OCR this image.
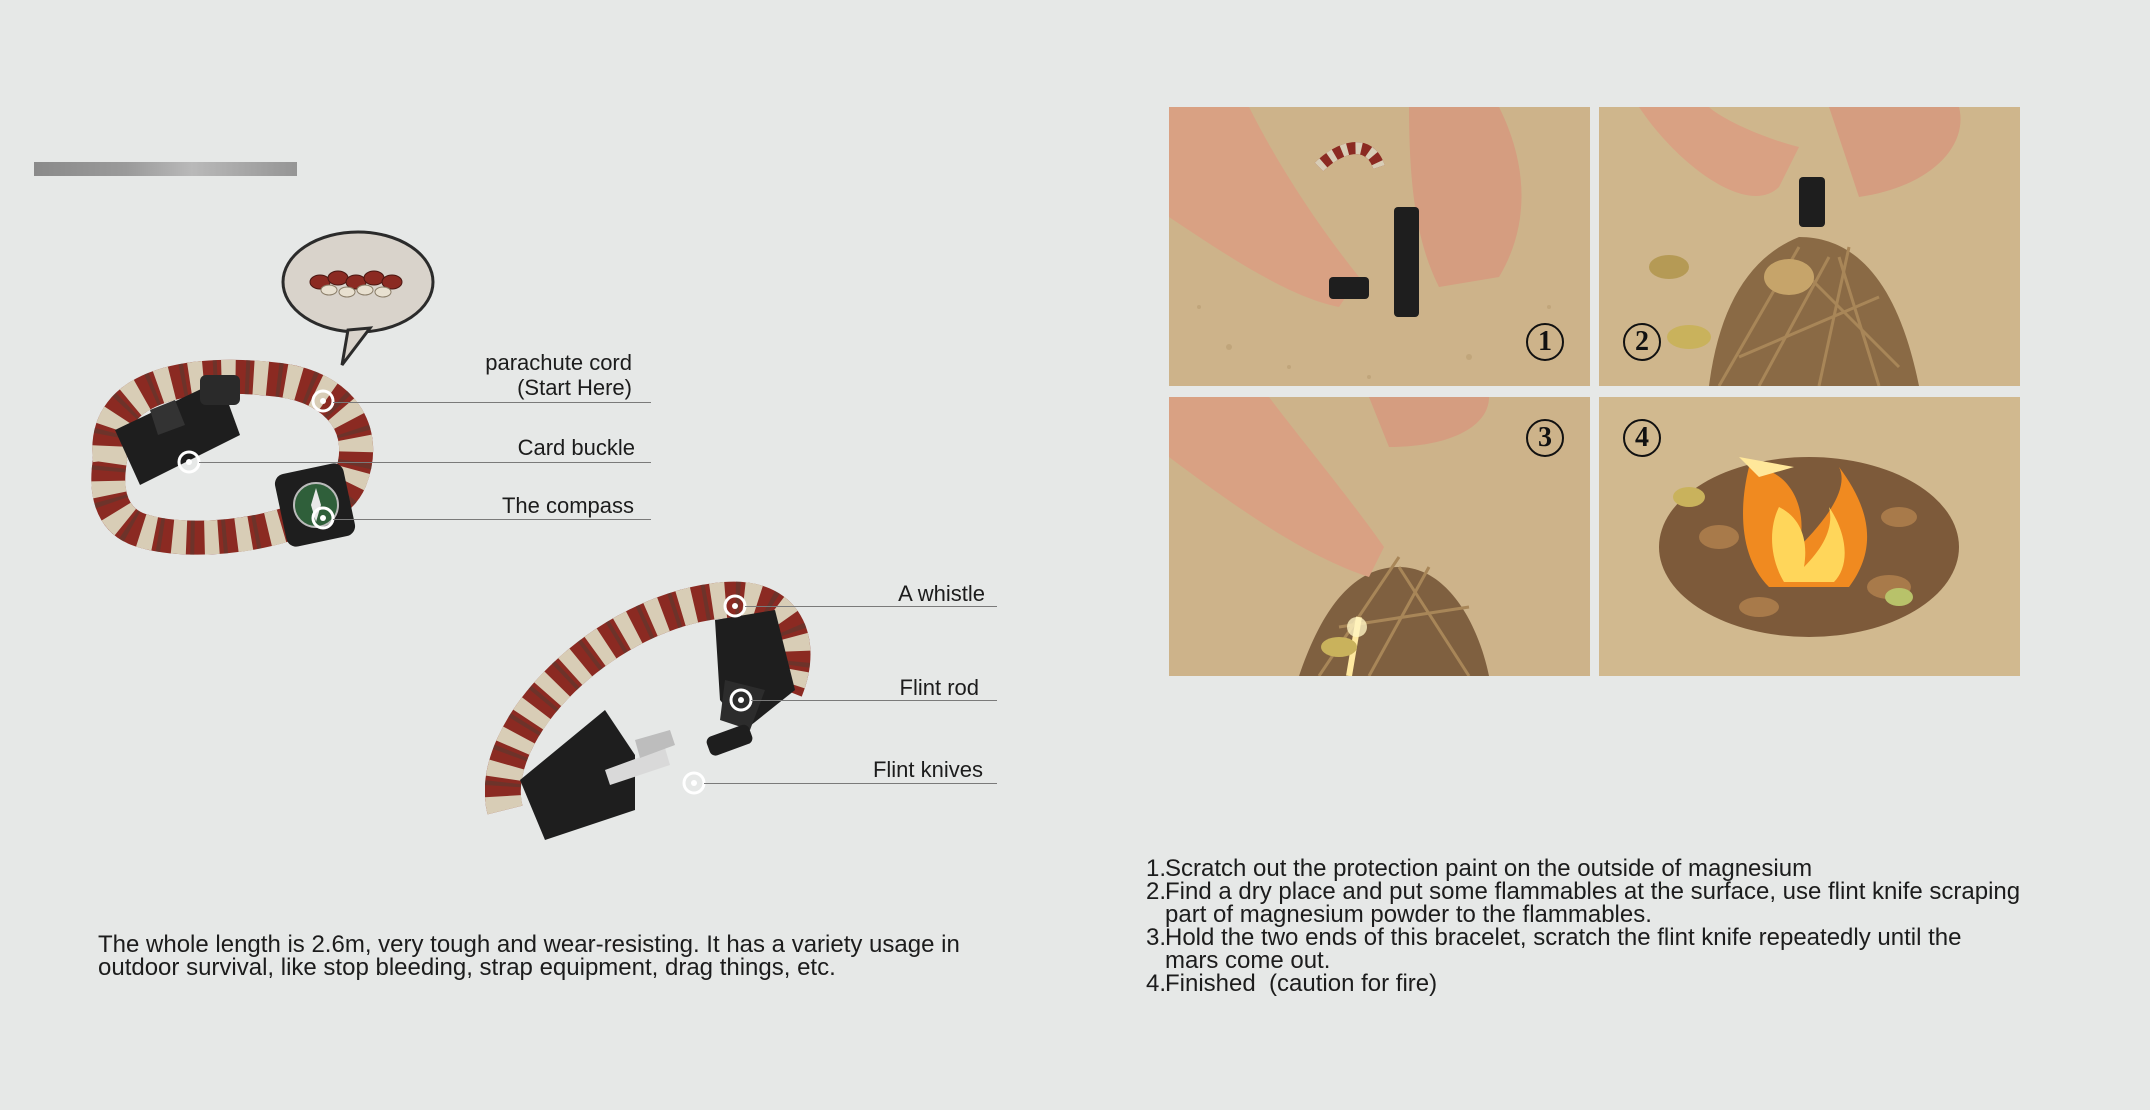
parachute cord
(Start Here)
Card buckle
The compass
A whistle
Flint rod
Flint knives
The whole length is 2.6m, very tough and wear-resisting. It has a variety usage in
outdoor survival, like stop bleeding, strap equipment, drag things, etc.
1	2
3	4
1.
Scratch out the protection paint on the outside of magnesium
2.
Find a dry place and put some flammables at the surface, use flint knife scraping part of magnesium powder to the flammables.
3.
Hold the two ends of this bracelet, scratch the flint knife repeatedly until the mars come out.
4.
Finished  (caution for fire)
